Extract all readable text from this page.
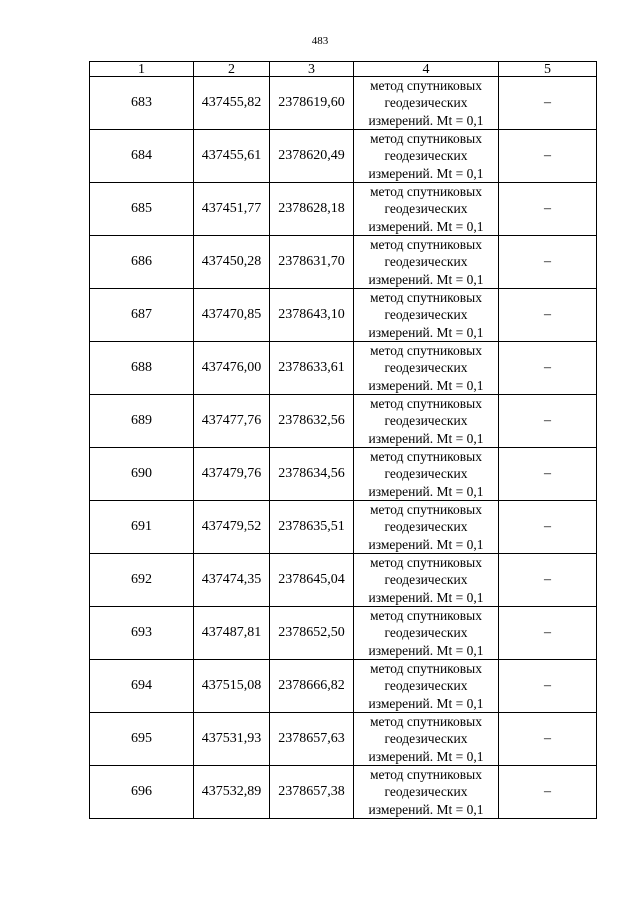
483
1	2	3	4	5
683	437455,82	2378619,60	метод спутниковых геодезических измерений. Mt = 0,1	–
684	437455,61	2378620,49	метод спутниковых геодезических измерений. Mt = 0,1	–
685	437451,77	2378628,18	метод спутниковых геодезических измерений. Mt = 0,1	–
686	437450,28	2378631,70	метод спутниковых геодезических измерений. Mt = 0,1	–
687	437470,85	2378643,10	метод спутниковых геодезических измерений. Mt = 0,1	–
688	437476,00	2378633,61	метод спутниковых геодезических измерений. Mt = 0,1	–
689	437477,76	2378632,56	метод спутниковых геодезических измерений. Mt = 0,1	–
690	437479,76	2378634,56	метод спутниковых геодезических измерений. Mt = 0,1	–
691	437479,52	2378635,51	метод спутниковых геодезических измерений. Mt = 0,1	–
692	437474,35	2378645,04	метод спутниковых геодезических измерений. Mt = 0,1	–
693	437487,81	2378652,50	метод спутниковых геодезических измерений. Mt = 0,1	–
694	437515,08	2378666,82	метод спутниковых геодезических измерений. Mt = 0,1	–
695	437531,93	2378657,63	метод спутниковых геодезических измерений. Mt = 0,1	–
696	437532,89	2378657,38	метод спутниковых геодезических измерений. Mt = 0,1	–
